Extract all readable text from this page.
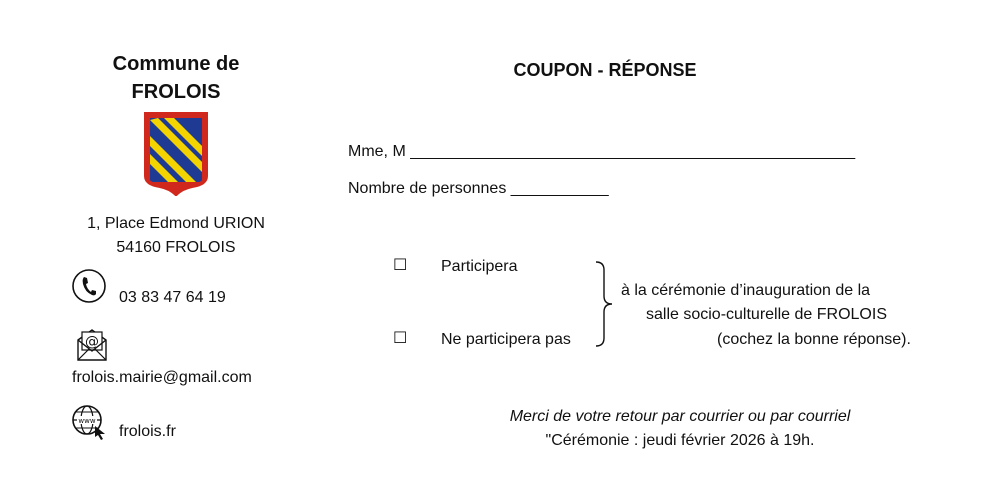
Commune de
FROLOIS
1, Place Edmond URION
54160 FROLOIS
03 83 47 64 19
@
frolois.mairie@gmail.com
www
frolois.fr
COUPON - RÉPONSE
Mme, M __________________________________________________
Nombre de personnes ___________
☐ Participera
☐ Ne participera pas
à la cérémonie d’inauguration de la
salle socio-culturelle de FROLOIS
(cochez la bonne réponse).
Merci de votre retour par courrier ou par courriel
"Cérémonie : jeudi février 2026 à 19h.
